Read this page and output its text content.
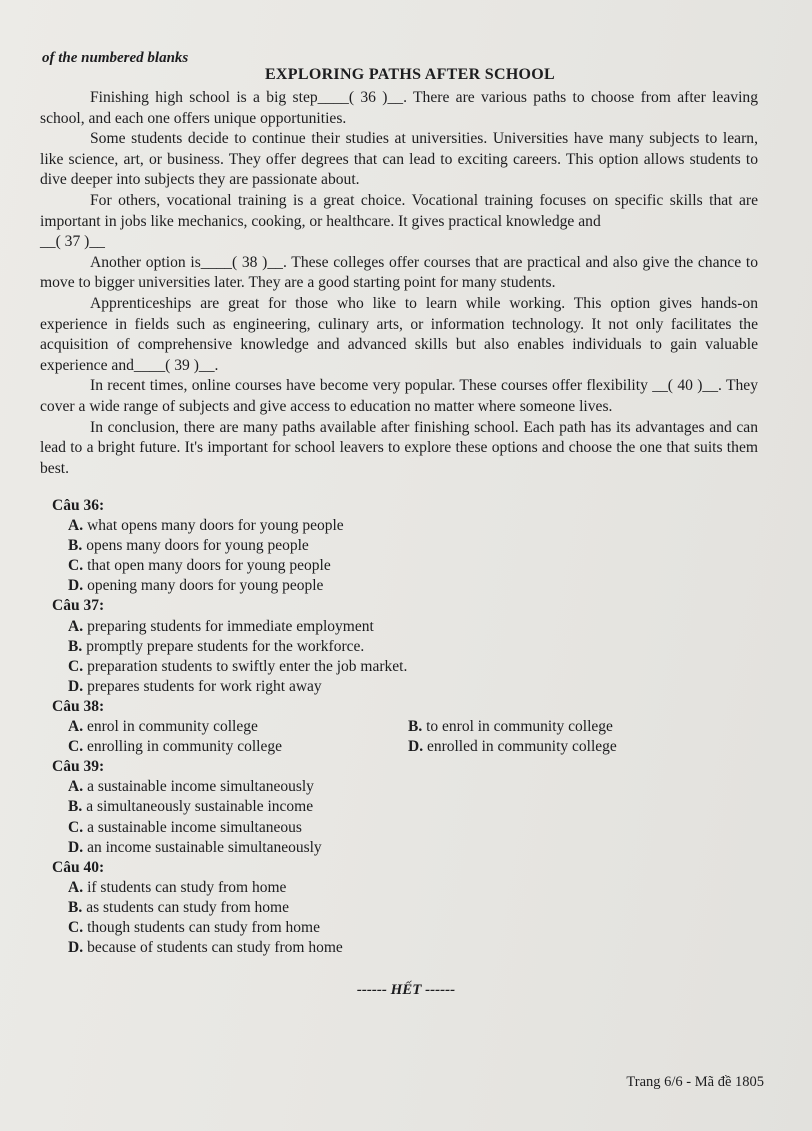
of the numbered blanks
EXPLORING PATHS AFTER SCHOOL

Finishing high school is a big step____( 36 )__. There are various paths to choose from after leaving school, and each one offers unique opportunities.

Some students decide to continue their studies at universities. Universities have many subjects to learn, like science, art, or business. They offer degrees that can lead to exciting careers. This option allows students to dive deeper into subjects they are passionate about.

For others, vocational training is a great choice. Vocational training focuses on specific skills that are important in jobs like mechanics, cooking, or healthcare. It gives practical knowledge and

__( 37 )__

Another option is____( 38 )__. These colleges offer courses that are practical and also give the chance to move to bigger universities later. They are a good starting point for many students.

Apprenticeships are great for those who like to learn while working. This option gives hands-on experience in fields such as engineering, culinary arts, or information technology. It not only facilitates the acquisition of comprehensive knowledge and advanced skills but also enables individuals to gain valuable experience and____( 39 )__.

In recent times, online courses have become very popular. These courses offer flexibility __( 40 )__. They cover a wide range of subjects and give access to education no matter where someone lives.

In conclusion, there are many paths available after finishing school. Each path has its advantages and can lead to a bright future. It's important for school leavers to explore these options and choose the one that suits them best.

Câu 36:
A. what opens many doors for young people
B. opens many doors for young people
C. that open many doors for young people
D. opening many doors for young people
Câu 37:
A. preparing students for immediate employment
B. promptly prepare students for the workforce.
C. preparation students to swiftly enter the job market.
D. prepares students for work right away
Câu 38:
A. enrol in community college	B. to enrol in community college
C. enrolling in community college	D. enrolled in community college
Câu 39:
A. a sustainable income simultaneously
B. a simultaneously sustainable income
C. a sustainable income simultaneous
D. an income sustainable simultaneously
Câu 40:
A. if students can study from home
B. as students can study from home
C. though students can study from home
D. because of students can study from home
------ HẾT ------
Trang 6/6 - Mã đề 1805
